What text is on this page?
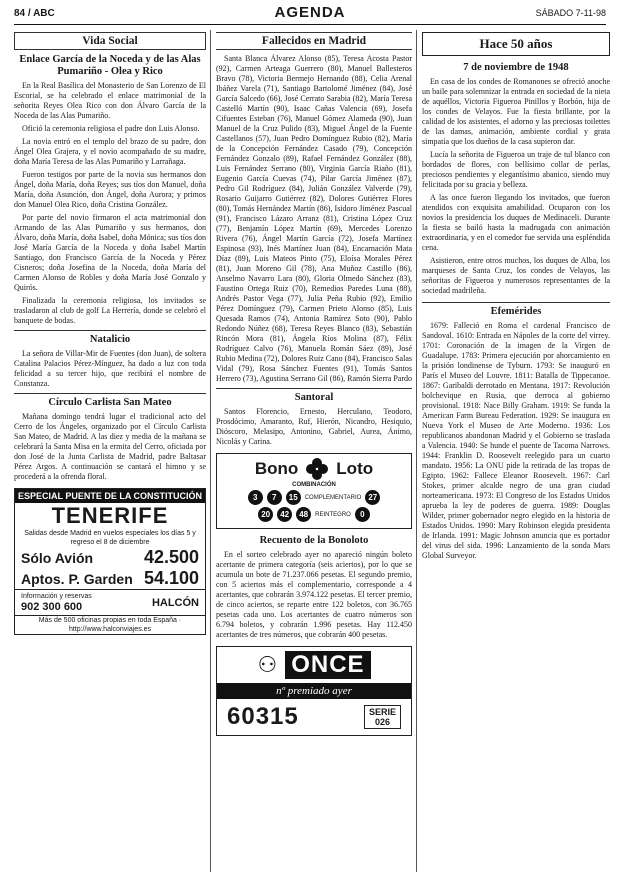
84 / ABC	AGENDA	SÁBADO 7-11-98
Vida Social
Enlace García de la Noceda y de las Alas Pumariño - Olea y Rico

En la Real Basílica del Monasterio de San Lorenzo de El Escorial, se ha celebrado el enlace matrimonial de la señorita Reyes Olea Rico con don Álvaro García de la Noceda de las Alas Pumariño.

Ofició la ceremonia religiosa el padre don Luis Alonso.

La novia entró en el templo del brazo de su padre, don Ángel Olea Grajera, y el novio acompañado de su madre, doña María Teresa de las Alas Pumariño y Larrañaga.

Fueron testigos por parte de la novia sus hermanos don Ángel, doña María, doña Reyes; sus tíos don Manuel, doña María, doña Asunción, don Ángel, doña Aurora; y primos don Manuel Olea Rico, doña Cristina González.

Por parte del novio firmaron el acta matrimonial don Armando de las Alas Pumariño y sus hermanos, don Álvaro, doña María, doña Isabel, doña Mónica; sus tíos don José María García de la Noceda y doña Isabel Martín Santiago, don Francisco García de la Noceda y Pérez Cisneros; doña Josefina de la Noceda, doña María del Carmen Alonso de Robles y doña María José Gonzalo y Quirós.

Finalizada la ceremonia religiosa, los invitados se trasladaron al club de golf La Herrería, donde se celebró el banquete de bodas.

Natalicio

La señora de Villar-Mir de Fuentes (don Juan), de soltera Catalina Palacios Pérez-Mínguez, ha dado a luz con toda felicidad a su tercer hijo, que recibirá el nombre de Constanza.

Círculo Carlista San Mateo

Mañana domingo tendrá lugar el tradicional acto del Cerro de los Ángeles, organizado por el Círculo Carlista San Mateo, de Madrid. A las diez y media de la mañana se celebrará la Santa Misa en la ermita del Cerro, oficiada por don José de la Junta Carlista de Madrid, padre Baltasar Pérez Argos. A continuación se cantará el himno y se procederá a la ofrenda floral.

ESPECIAL PUENTE DE LA CONSTITUCIÓN
TENERIFE
Salidas desde Madrid en vuelos especiales los días 5 y regreso el 8 de diciembre
Sólo Avión	42.500
Aptos. P. Garden 54.100
Información y reservas
902 300 600	HALCÓN
Más de 500 oficinas propias en toda España · http://www.halconviajes.es
Fallecidos en Madrid

Santa Blanca Álvarez Alonso (85), Teresa Acosta Pastor (92), Carmen Arteaga Guerrero (80), Manuel Ballesteros Bravo (78), Victoria Bermejo Hernando (88), Celia Arenal Ibáñez Varela (71), Santiago Bartolomé Jiménez (84), José García Salcedo (66), José Cerrato Sarabia (82), María Teresa Castelló Martín (90), Isaac Cañas Valencia (69), Josefa Cifuentes Esteban (76), Manuel Gómez Alameda (90), Juan Manuel de la Cruz Pulido (83), Miguel Ángel de la Fuente Castellanos (57), Juan Pedro Domínguez Rubio (82), María de la Concepción Fernández Casado (79), Concepción Fernández Gonzalo (89), Rafael Fernández González (88), Luis Fernández Serrano (80), Virginia García Riaño (81), Eugenio García Cuevas (74), Pilar García Jiménez (87), Pedro Gil Rodríguez (84), Julián González Valverde (79), Rosario Guijarro Gutiérrez (82), Dolores Gutiérrez Flores (80), Tomás Hernández Martín (86), Isidoro Jiménez Pascual (91), Francisco Lázaro Arranz (81), Cristina López Cruz (77), Benjamín López Martín (69), Mercedes Lorenzo Rivera (76), Ángel Martín García (72), Josefa Martínez Espinosa (93), Inés Martínez Juan (84), Encarnación Mata Díaz (89), Luis Mateos Pinto (75), Eloísa Morales Pérez (81), Juan Moreno Gil (78), Ana Muñoz Castillo (86), Anselmo Navarro Lara (80), Gloria Olmedo Sánchez (83), Faustino Ortega Ruiz (70), Remedios Paredes Luna (88), Andrés Pastor Vega (77), Julia Peña Rubio (92), Emilio Pérez Domínguez (79), Carmen Prieto Alonso (85), Luis Quesada Ramos (74), Antonia Ramírez Soto (90), Pablo Redondo Núñez (68), Teresa Reyes Blanco (83), Sebastián Rincón Mora (81), Ángela Ríos Molina (87), Félix Rodríguez Calvo (76), Manuela Román Sáez (89), José Rubio Medina (72), Dolores Ruiz Cano (84), Francisco Salas Vidal (79), Rosa Sánchez Fuentes (91), Tomás Santos Herrero (73), Agustina Serrano Gil (86), Ramón Sierra Pardo

Santoral

Santos Florencio, Ernesto, Herculano, Teodoro, Prosdócimo, Amaranto, Ruf, Hierón, Nicandro, Hesiquio, Dióscoro, Melasipo, Antonino, Gabriel, Aurea, Ánimo, Nicolás y Carina.

Bono Loto
COMBINACIÓN
3	7	15	COMPLEMENTARIO 27
20	42	48	REINTEGRO	0
Recuento de la Bonoloto

En el sorteo celebrado ayer no apareció ningún boleto acertante de primera categoría (seis aciertos), por lo que se acumula un bote de 71.237.066 pesetas. El segundo premio, con 5 aciertos más el complementario, corresponde a 4 acertantes, que cobrarán 3.974.122 pesetas. El tercer premio, de cinco aciertos, se reparte entre 122 boletos, con 36.765 pesetas cada uno. Los acertantes de cuatro números son 6.794 boletos, y cobrarán 1.996 pesetas. Hay 112.450 acertantes de tres números, que cobrarán 400 pesetas.

⚇ ONCE
nº premiado ayer
60315	SERIE
026
Hace 50 años
7 de noviembre de 1948

En casa de los condes de Romanones se ofreció anoche un baile para solemnizar la entrada en sociedad de la nieta de aquéllos, Victoria Figueroa Pinillos y Borbón, hija de los condes de Velayos. Fue la fiesta brillante, por la calidad de los asistentes, el adorno y las preciosas toilettes de las damas, animación, ambiente cordial y grata simpatía que los dueños de la casa supieron dar.

Lucía la señorita de Figueroa un traje de tul blanco con bordados de flores, con bellísimo collar de perlas, preciosos pendientes y elegantísimo abanico, siendo muy felicitada por su gracia y belleza.

A las once fueron llegando los invitados, que fueron atendidos con exquisita amabilidad. Ocuparon con los novios la presidencia los duques de Medinaceli. Durante la fiesta se bailó hasta la madrugada con animación extraordinaria, y en el comedor fue servida una espléndida cena.

Asistieron, entre otros muchos, los duques de Alba, los marqueses de Santa Cruz, los condes de Velayos, las señoritas de Figueroa y numerosos representantes de la sociedad madrileña.

Efemérides

1679: Falleció en Roma el cardenal Francisco de Sandoval. 1610: Entrada en Nápoles de la corte del virrey. 1701: Coronación de la imagen de la Virgen de Guadalupe. 1783: Primera ejecución por ahorcamiento en la prisión londinense de Tyburn. 1793: Se inauguró en París el Museo del Louvre. 1811: Batalla de Tippecanoe. 1867: Garibaldi derrotado en Mentana. 1917: Revolución bolchevique en Rusia, que derroca al gobierno provisional. 1918: Nace Billy Graham. 1919: Se funda la American Farm Bureau Federation. 1929: Se inaugura en Nueva York el Museo de Arte Moderno. 1936: Los republicanos abandonan Madrid y el Gobierno se traslada a Valencia. 1940: Se hunde el puente de Tacoma Narrows. 1944: Franklin D. Roosevelt reelegido para un cuarto mandato. 1956: La ONU pide la retirada de las tropas de Egipto. 1962: Fallece Eleanor Roosevelt. 1967: Carl Stokes, primer alcalde negro de una gran ciudad norteamericana. 1973: El Congreso de los Estados Unidos aprueba la ley de poderes de guerra. 1989: Douglas Wilder, primer gobernador negro elegido en la historia de Estados Unidos. 1990: Mary Robinson elegida presidenta de Irlanda. 1991: Magic Johnson anuncia que es portador del virus del sida. 1996: Lanzamiento de la sonda Mars Global Surveyor.
